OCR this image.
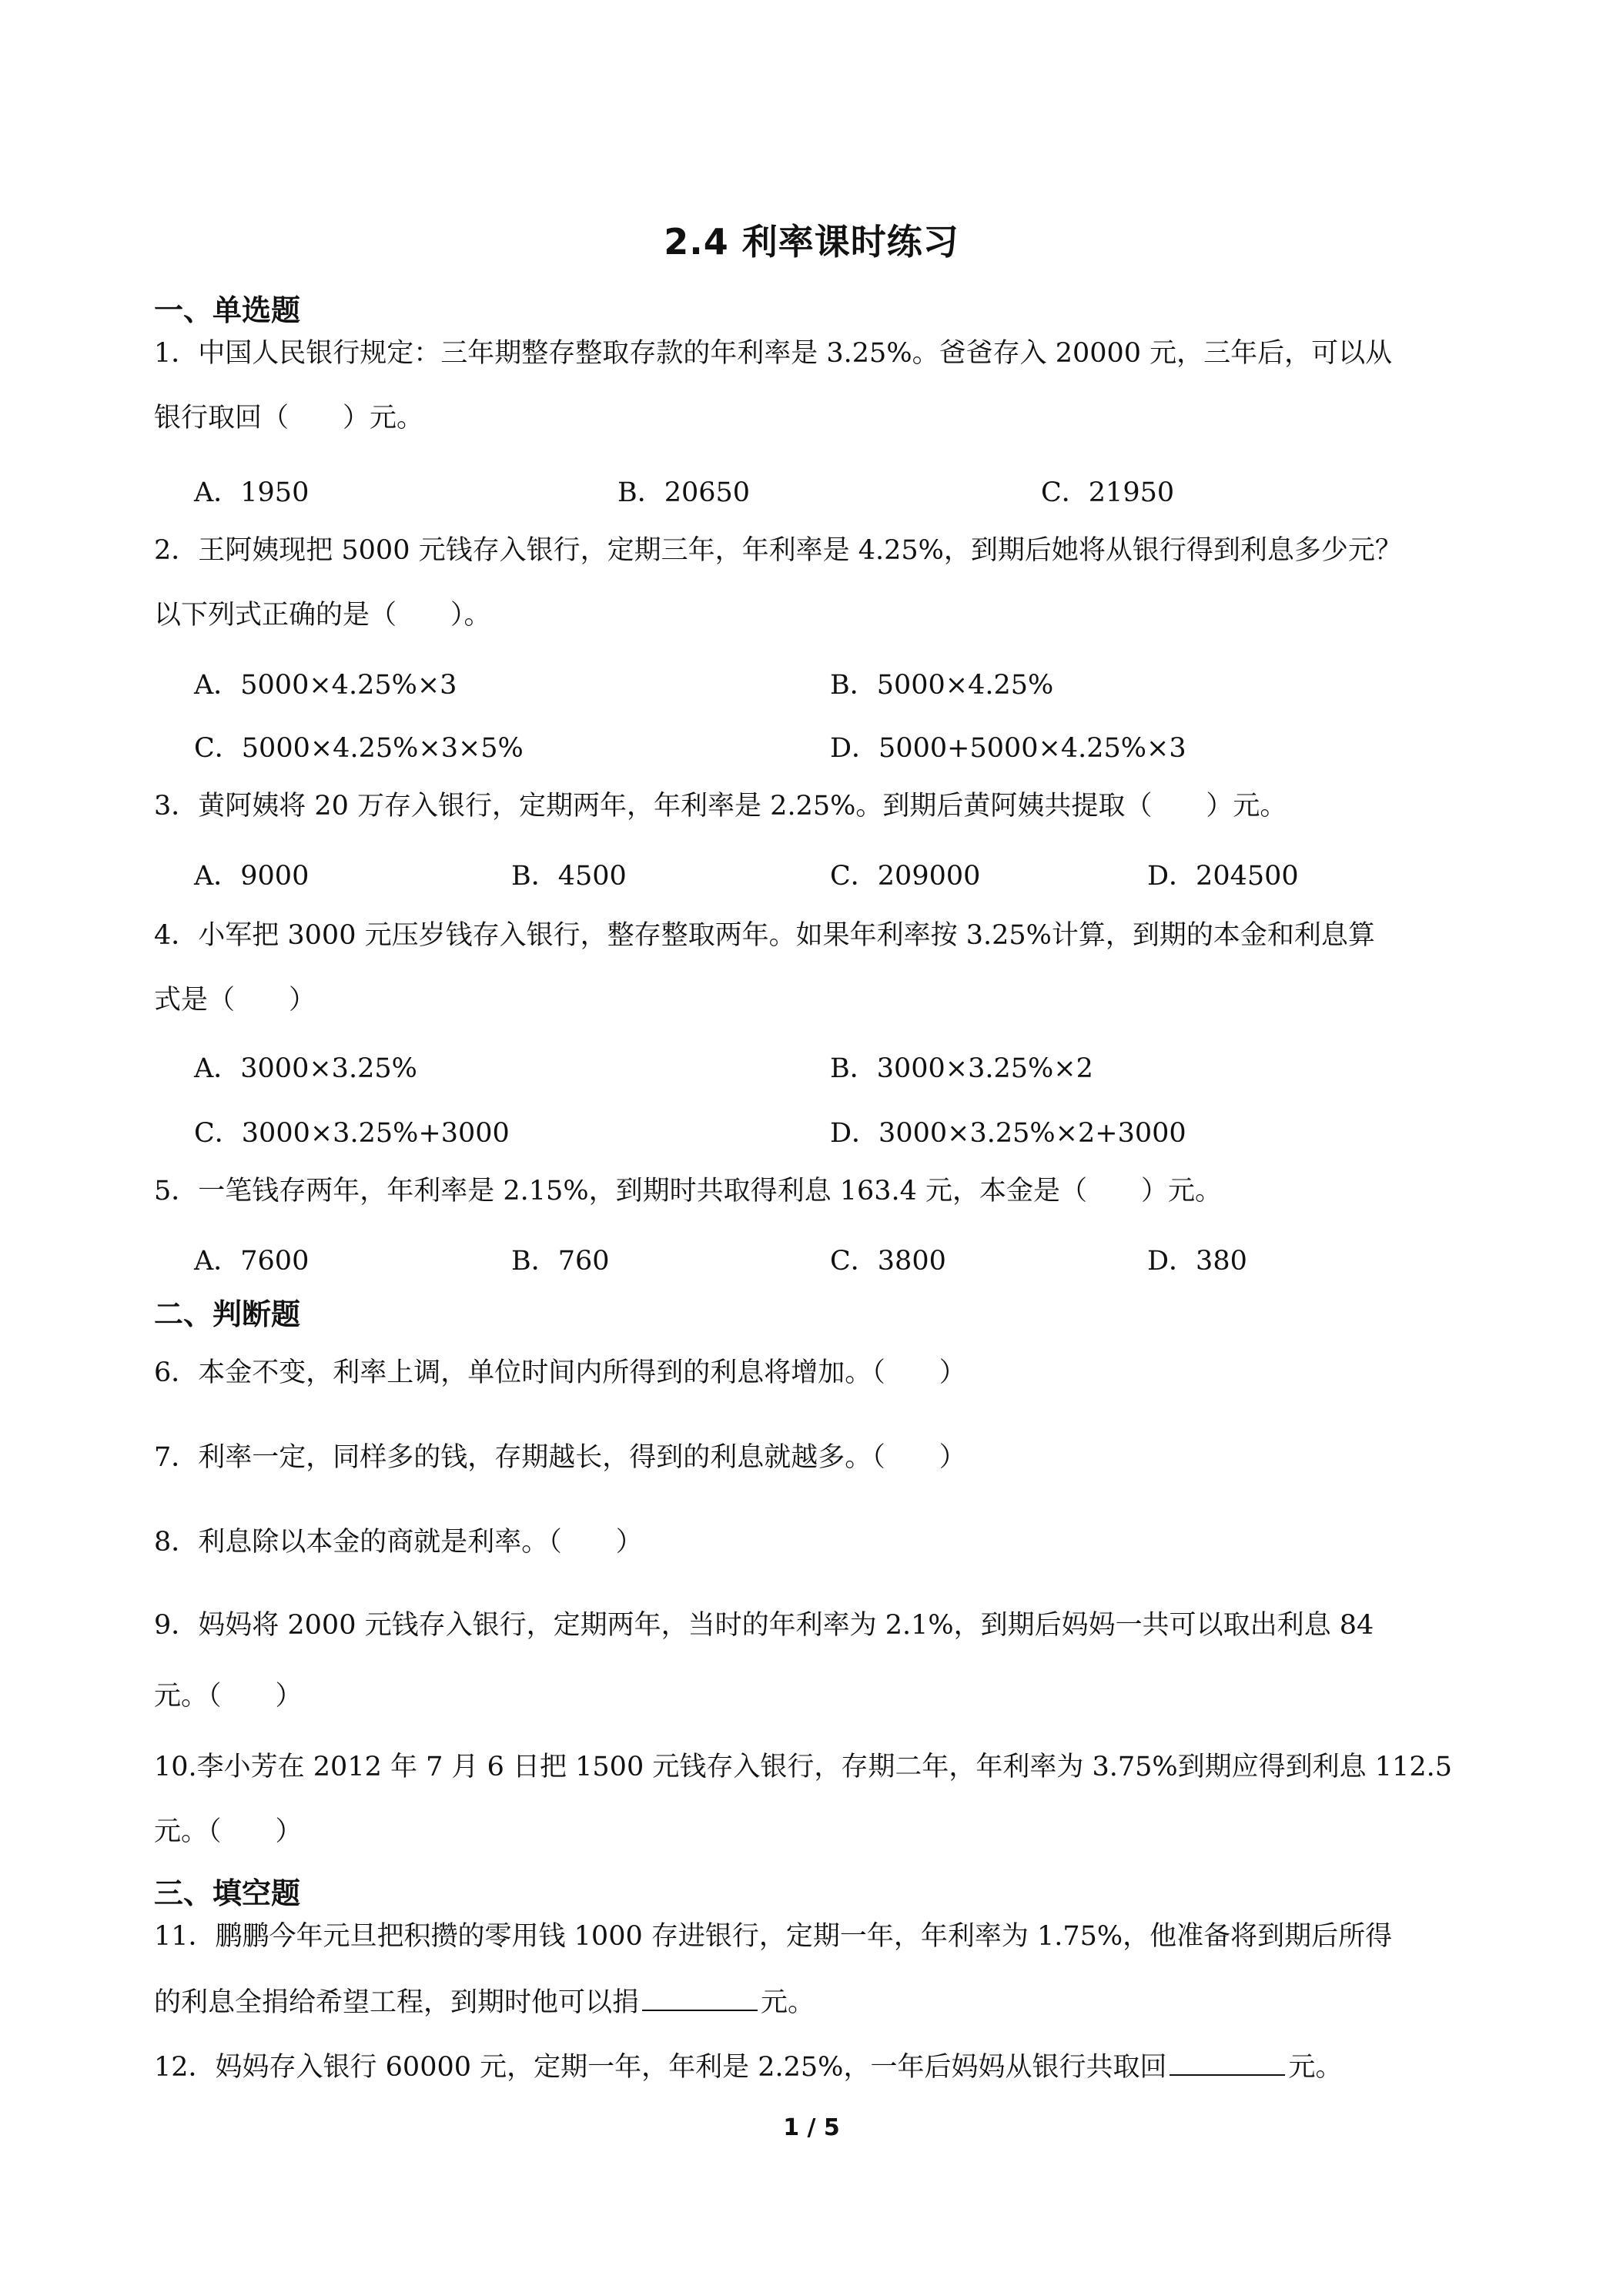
2.4 利率课时练习
一、单选题
1．中国人民银行规定：三年期整存整取存款的年利率是 3.25%。爸爸存入 20000 元，三年后，可以从
银行取回（　　）元。
A．1950	B．20650	C．21950
2．王阿姨现把 5000 元钱存入银行，定期三年，年利率是 4.25%，到期后她将从银行得到利息多少元？
以下列式正确的是（　　）。
A．5000×4.25%×3	B．5000×4.25%
C．5000×4.25%×3×5%	D．5000+5000×4.25%×3
3．黄阿姨将 20 万存入银行，定期两年，年利率是 2.25%。到期后黄阿姨共提取（　　）元。
A．9000	B．4500	C．209000	D．204500
4．小军把 3000 元压岁钱存入银行，整存整取两年。如果年利率按 3.25%计算，到期的本金和利息算
式是（　　）
A．3000×3.25%	B．3000×3.25%×2
C．3000×3.25%+3000	D．3000×3.25%×2+3000
5．一笔钱存两年，年利率是 2.15%，到期时共取得利息 163.4 元，本金是（　　）元。
A．7600	B．760	C．3800	D．380
二、判断题
6．本金不变，利率上调，单位时间内所得到的利息将增加。（　　）
7．利率一定，同样多的钱，存期越长，得到的利息就越多。（　　）
8．利息除以本金的商就是利率。（　　）
9．妈妈将 2000 元钱存入银行，定期两年，当时的年利率为 2.1%，到期后妈妈一共可以取出利息 84
元。（　　）
10.李小芳在 2012 年 7 月 6 日把 1500 元钱存入银行，存期二年，年利率为 3.75%到期应得到利息 112.5
元。（　　）
三、填空题
11．鹏鹏今年元旦把积攒的零用钱 1000 存进银行，定期一年，年利率为 1.75%，他准备将到期后所得
的利息全捐给希望工程，到期时他可以捐	元。
12．妈妈存入银行 60000 元，定期一年，年利是 2.25%，一年后妈妈从银行共取回	元。
1 / 5
